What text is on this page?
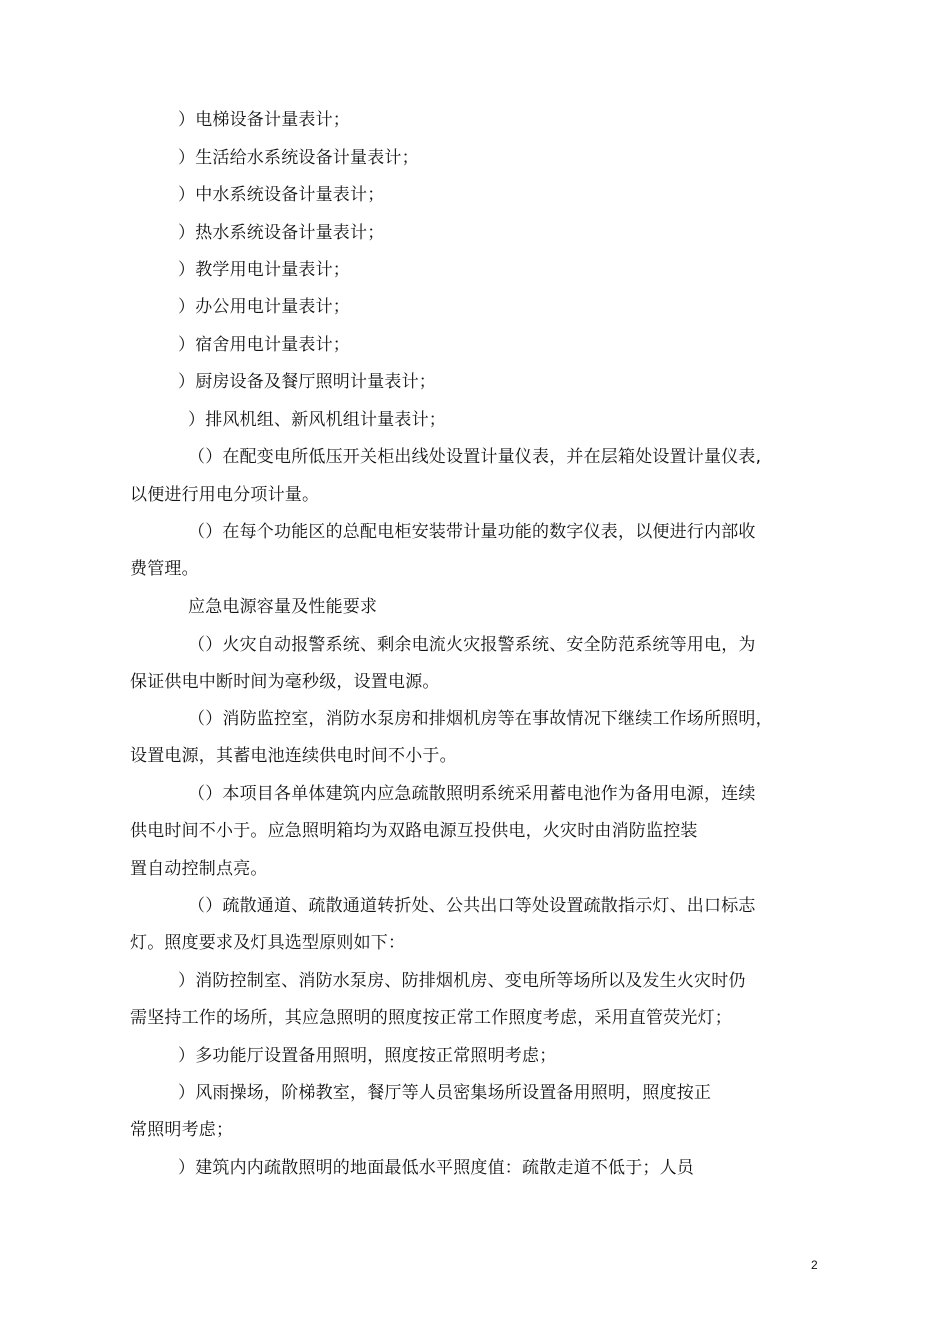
）电梯设备计量表计；
）生活给水系统设备计量表计；
）中水系统设备计量表计；
）热水系统设备计量表计；
）教学用电计量表计；
）办公用电计量表计；
）宿舍用电计量表计；
）厨房设备及餐厅照明计量表计；
）排风机组、新风机组计量表计；
（）在配变电所低压开关柜出线处设置计量仪表，并在层箱处设置计量仪表,
以便进行用电分项计量。
（）在每个功能区的总配电柜安装带计量功能的数字仪表，以便进行内部收
费管理。
应急电源容量及性能要求
（）火灾自动报警系统、剩余电流火灾报警系统、安全防范系统等用电，为
保证供电中断时间为毫秒级，设置电源。
（）消防监控室，消防水泵房和排烟机房等在事故情况下继续工作场所照明，
设置电源，其蓄电池连续供电时间不小于。
（）本项目各单体建筑内应急疏散照明系统采用蓄电池作为备用电源，连续
供电时间不小于。应急照明箱均为双路电源互投供电，火灾时由消防监控装
置自动控制点亮。
（）疏散通道、疏散通道转折处、公共出口等处设置疏散指示灯、出口标志
灯。照度要求及灯具选型原则如下：
）消防控制室、消防水泵房、防排烟机房、变电所等场所以及发生火灾时仍
需坚持工作的场所，其应急照明的照度按正常工作照度考虑，采用直管荧光灯；
）多功能厅设置备用照明，照度按正常照明考虑；
）风雨操场，阶梯教室，餐厅等人员密集场所设置备用照明，照度按正
常照明考虑；
）建筑内内疏散照明的地面最低水平照度值：疏散走道不低于；人员
2
